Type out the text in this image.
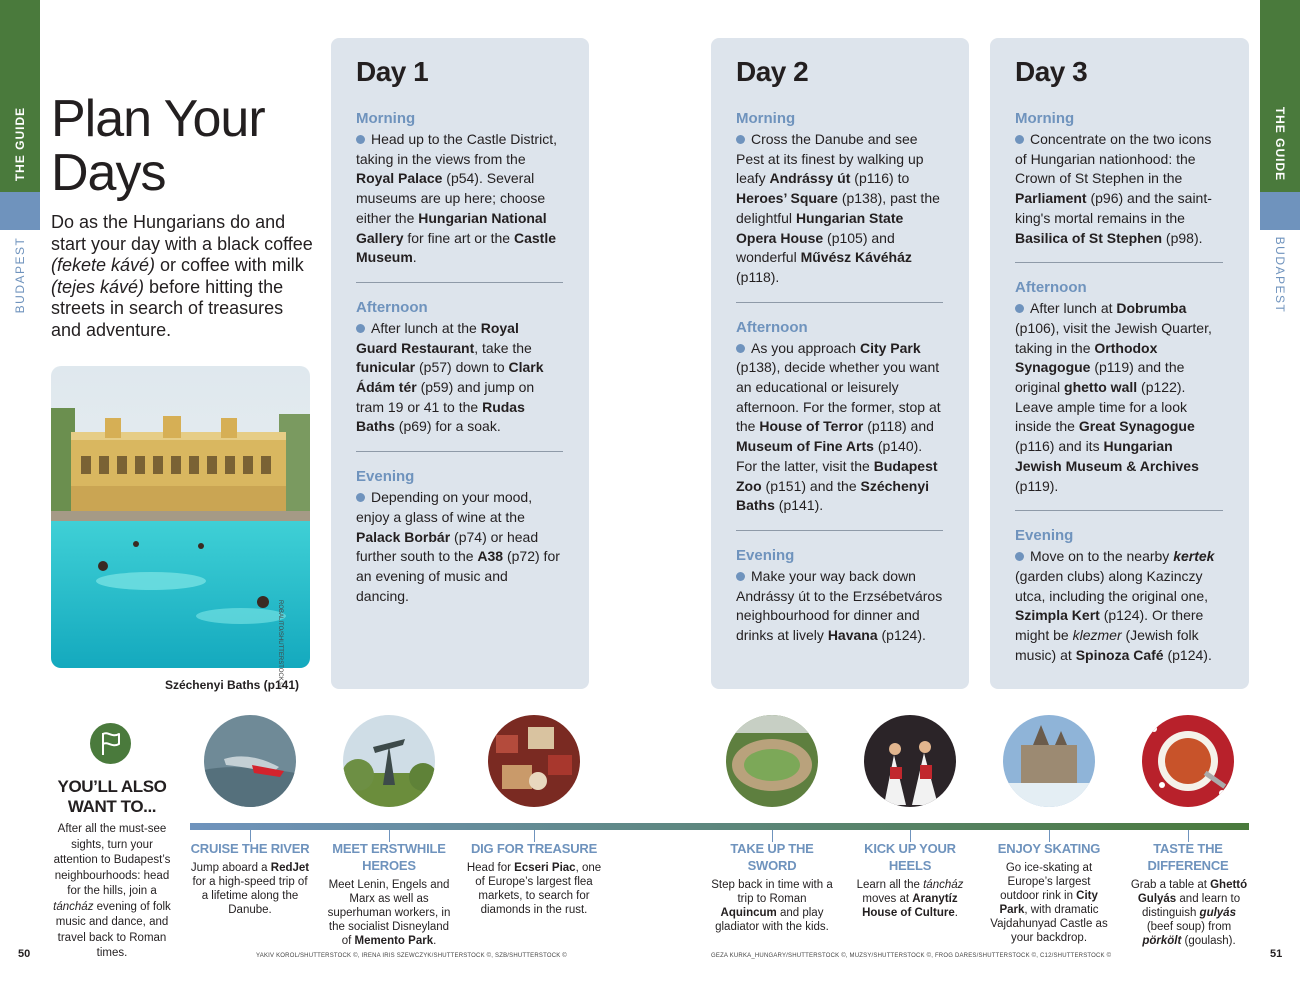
THE GUIDE
BUDAPEST
THE GUIDE
BUDAPEST
Plan Your
Days

Do as the Hungarians do and start your day with a black coffee (fekete kávé) or coffee with milk (tejes kávé) before hitting the streets in search of treasures and adventure.

ROBALITO/SHUTTERSTOCK ©
Széchenyi Baths (p141)
Day 1
Morning

Head up to the Castle District, taking in the views from the Royal Palace (p54). Several museums are up here; choose either the Hungarian National Gallery for fine art or the Castle Museum.

Afternoon

After lunch at the Royal Guard Restaurant, take the funicular (p57) down to Clark Ádám tér (p59) and jump on tram 19 or 41 to the Rudas Baths (p69) for a soak.

Evening

Depending on your mood, enjoy a glass of wine at the Palack Borbár (p74) or head further south to the A38 (p72) for an evening of music and dancing.

Day 2
Morning

Cross the Danube and see Pest at its finest by walking up leafy Andrássy út (p116) to Heroes’ Square (p138), past the delightful Hungarian State Opera House (p105) and wonderful Művész Kávéház (p118).

Afternoon

As you approach City Park (p138), decide whether you want an educational or leisurely afternoon. For the former, stop at the House of Terror (p118) and Museum of Fine Arts (p140). For the latter, visit the Budapest Zoo (p151) and the Széchenyi Baths (p141).

Evening

Make your way back down Andrássy út to the Erzsébetváros neighbourhood for dinner and drinks at lively Havana (p124).

Day 3
Morning

Concentrate on the two icons of Hungarian nationhood: the Crown of St Stephen in the Parliament (p96) and the saint-king's mortal remains in the Basilica of St Stephen (p98).

Afternoon

After lunch at Dobrumba (p106), visit the Jewish Quarter, taking in the Orthodox Synagogue (p119) and the original ghetto wall (p122). Leave ample time for a look inside the Great Synagogue (p116) and its Hungarian Jewish Museum & Archives (p119).

Evening

Move on to the nearby kertek (garden clubs) along Kazinczy utca, including the original one, Szimpla Kert (p124). Or there might be klezmer (Jewish folk music) at Spinoza Café (p124).

YOU’LL ALSO WANT TO...

After all the must-see sights, turn your attention to Budapest’s neighbourhoods: head for the hills, join a táncház evening of folk music and dance, and travel back to Roman times.

CRUISE THE RIVER

Jump aboard a RedJet for a high-speed trip of a lifetime along the Danube.

MEET ERSTWHILE HEROES

Meet Lenin, Engels and Marx as well as superhuman workers, in the socialist Disneyland of Memento Park.

DIG FOR TREASURE

Head for Ecseri Piac, one of Europe’s largest flea markets, to search for diamonds in the rust.

TAKE UP THE SWORD

Step back in time with a trip to Roman Aquincum and play gladiator with the kids.

KICK UP YOUR HEELS

Learn all the táncház moves at Aranytíz House of Culture.

ENJOY SKATING

Go ice-skating at Europe’s largest outdoor rink in City Park, with dramatic Vajdahunyad Castle as your backdrop.

TASTE THE DIFFERENCE

Grab a table at Ghettó Gulyás and learn to distinguish gulyás (beef soup) from pörkölt (goulash).

50	51
YAKIV KOROL/SHUTTERSTOCK ©, IRENA IRIS SZEWCZYK/SHUTTERSTOCK ©, SZB/SHUTTERSTOCK ©	GEZA KURKA_HUNGARY/SHUTTERSTOCK ©, MUZSY/SHUTTERSTOCK ©, FROG DARES/SHUTTERSTOCK ©, C12/SHUTTERSTOCK ©
